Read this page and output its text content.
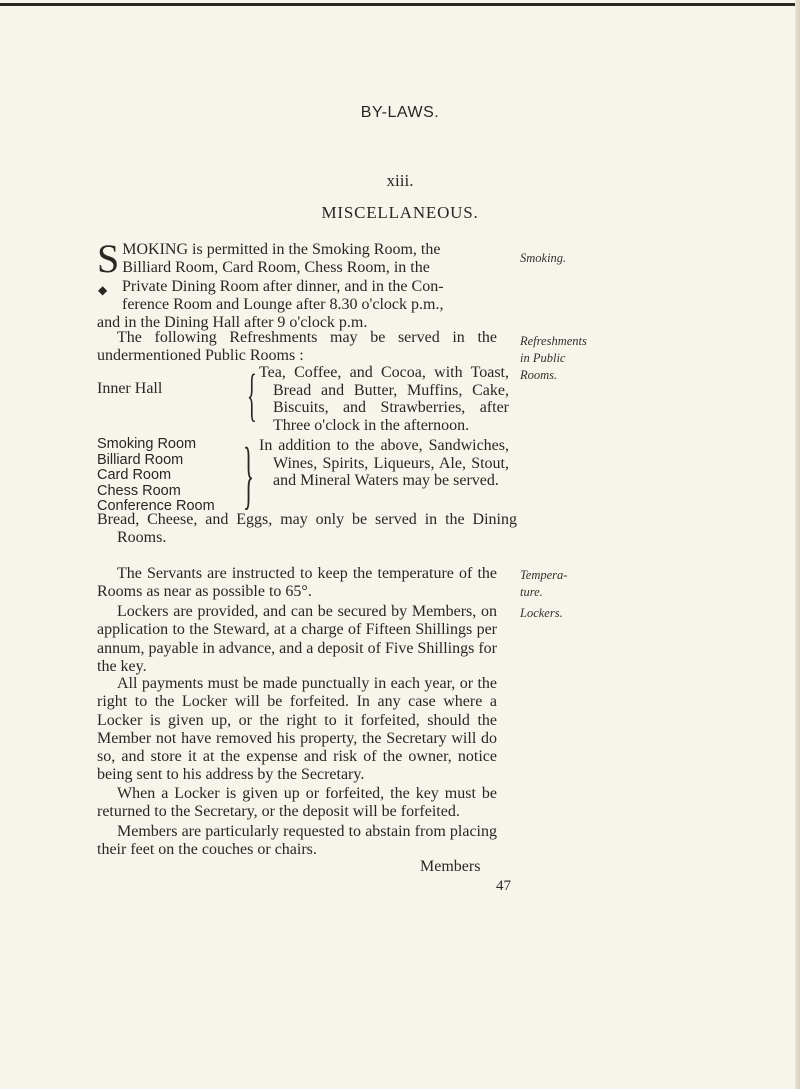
BY-LAWS.
xiii.
MISCELLANEOUS.
S MOKING is permitted in the Smoking Room, the
Billiard Room, Card Room, Chess Room, in the

Private Dining Room after dinner, and in the Con-
ference Room and Lounge after 8.30 o'clock p.m.,
and in the Dining Hall after 9 o'clock p.m.
◆
The following Refreshments may be served in the undermentioned Public Rooms :
Inner Hall { Tea, Coffee, and Cocoa, with Toast, Bread and Butter, Muffins, Cake, Biscuits, and Strawberries, after Three o'clock in the afternoon.
Smoking Room
Billiard Room
Card Room
Chess Room
Conference Room } In addition to the above, Sandwiches, Wines, Spirits, Liqueurs, Ale, Stout, and Mineral Waters may be served.
Bread, Cheese, and Eggs, may only be served in the Dining Rooms.
The Servants are instructed to keep the temperature of the Rooms as near as possible to 65°.
Lockers are provided, and can be secured by Members, on application to the Steward, at a charge of Fifteen Shillings per annum, payable in advance, and a deposit of Five Shillings for the key.
All payments must be made punctually in each year, or the right to the Locker will be forfeited. In any case where a Locker is given up, or the right to it forfeited, should the Member not have removed his property, the Secretary will do so, and store it at the expense and risk of the owner, notice being sent to his address by the Secretary.
When a Locker is given up or forfeited, the key must be returned to the Secretary, or the deposit will be forfeited.
Members are particularly requested to abstain from placing their feet on the couches or chairs.
Members
47
Smoking.
Refreshments
in Public
Rooms.
Tempera-
ture.
Lockers.
